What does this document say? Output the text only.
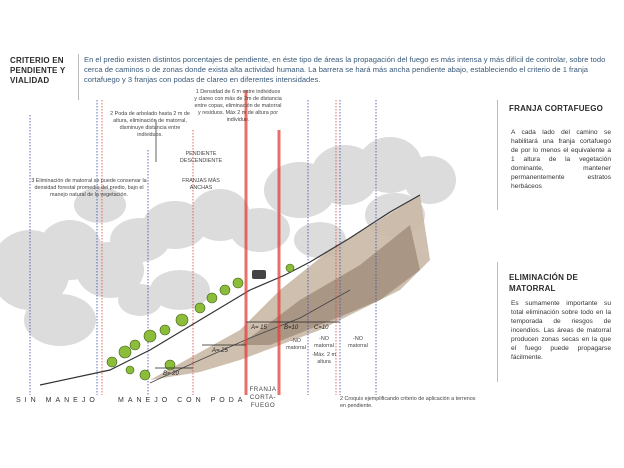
CRITERIO EN PENDIENTE Y VIALIDAD
En el predio existen distintos porcentajes de pendiente, en éste tipo de áreas la propagación del fuego es más intensa y más difícil de controlar, sobre todo cerca de caminos o de zonas donde exista alta actividad humana. La barrera se hará más ancha pendiente abajo, estableciendo el criterio de 1 franja cortafuego y 3 franjas con podas de clareo en diferentes intensidades.
1 Densidad de 6 m entre individuos y clareo con más de 2m de distancia entre copas, eliminación de matorral y residuos. Máx 2 m de altura por individuo.
2 Poda de arbolado hasta 2 m de altura, eliminación de matorral, disminuye distancia entre individuos.
3 Eliminación de matorral se puede conservar la densidad forestal promedio del predio, bajo el manejo natural de la vegetación.
PENDIENTE DESCENDIENTE
FRANJAS MÁS ANCHAS
B= 20
A= 25
A= 15	B=10	C=10
-NO matorral
-Máx. 2 m altura
-NO matorral
-NO matorral
SIN MANEJO	MANEJO CON PODA
FRANJA CORTA-FUEGO
2 Croquis ejemplificando criterio de aplicación a terrenos en pendiente.
FRANJA CORTAFUEGO
A cada lado del camino se habilitará una franja cortafuego de por lo menos el equivalente a 1 altura de la vegetación dominante, mantener permanentemente estratos herbáceos
ELIMINACIÓN DE MATORRAL
Es sumamente importante su total eliminación sobre todo en la temporada de riesgos de incendios. Las áreas de matorral producen zonas secas en la que el fuego puede propagarse fácilmente.
